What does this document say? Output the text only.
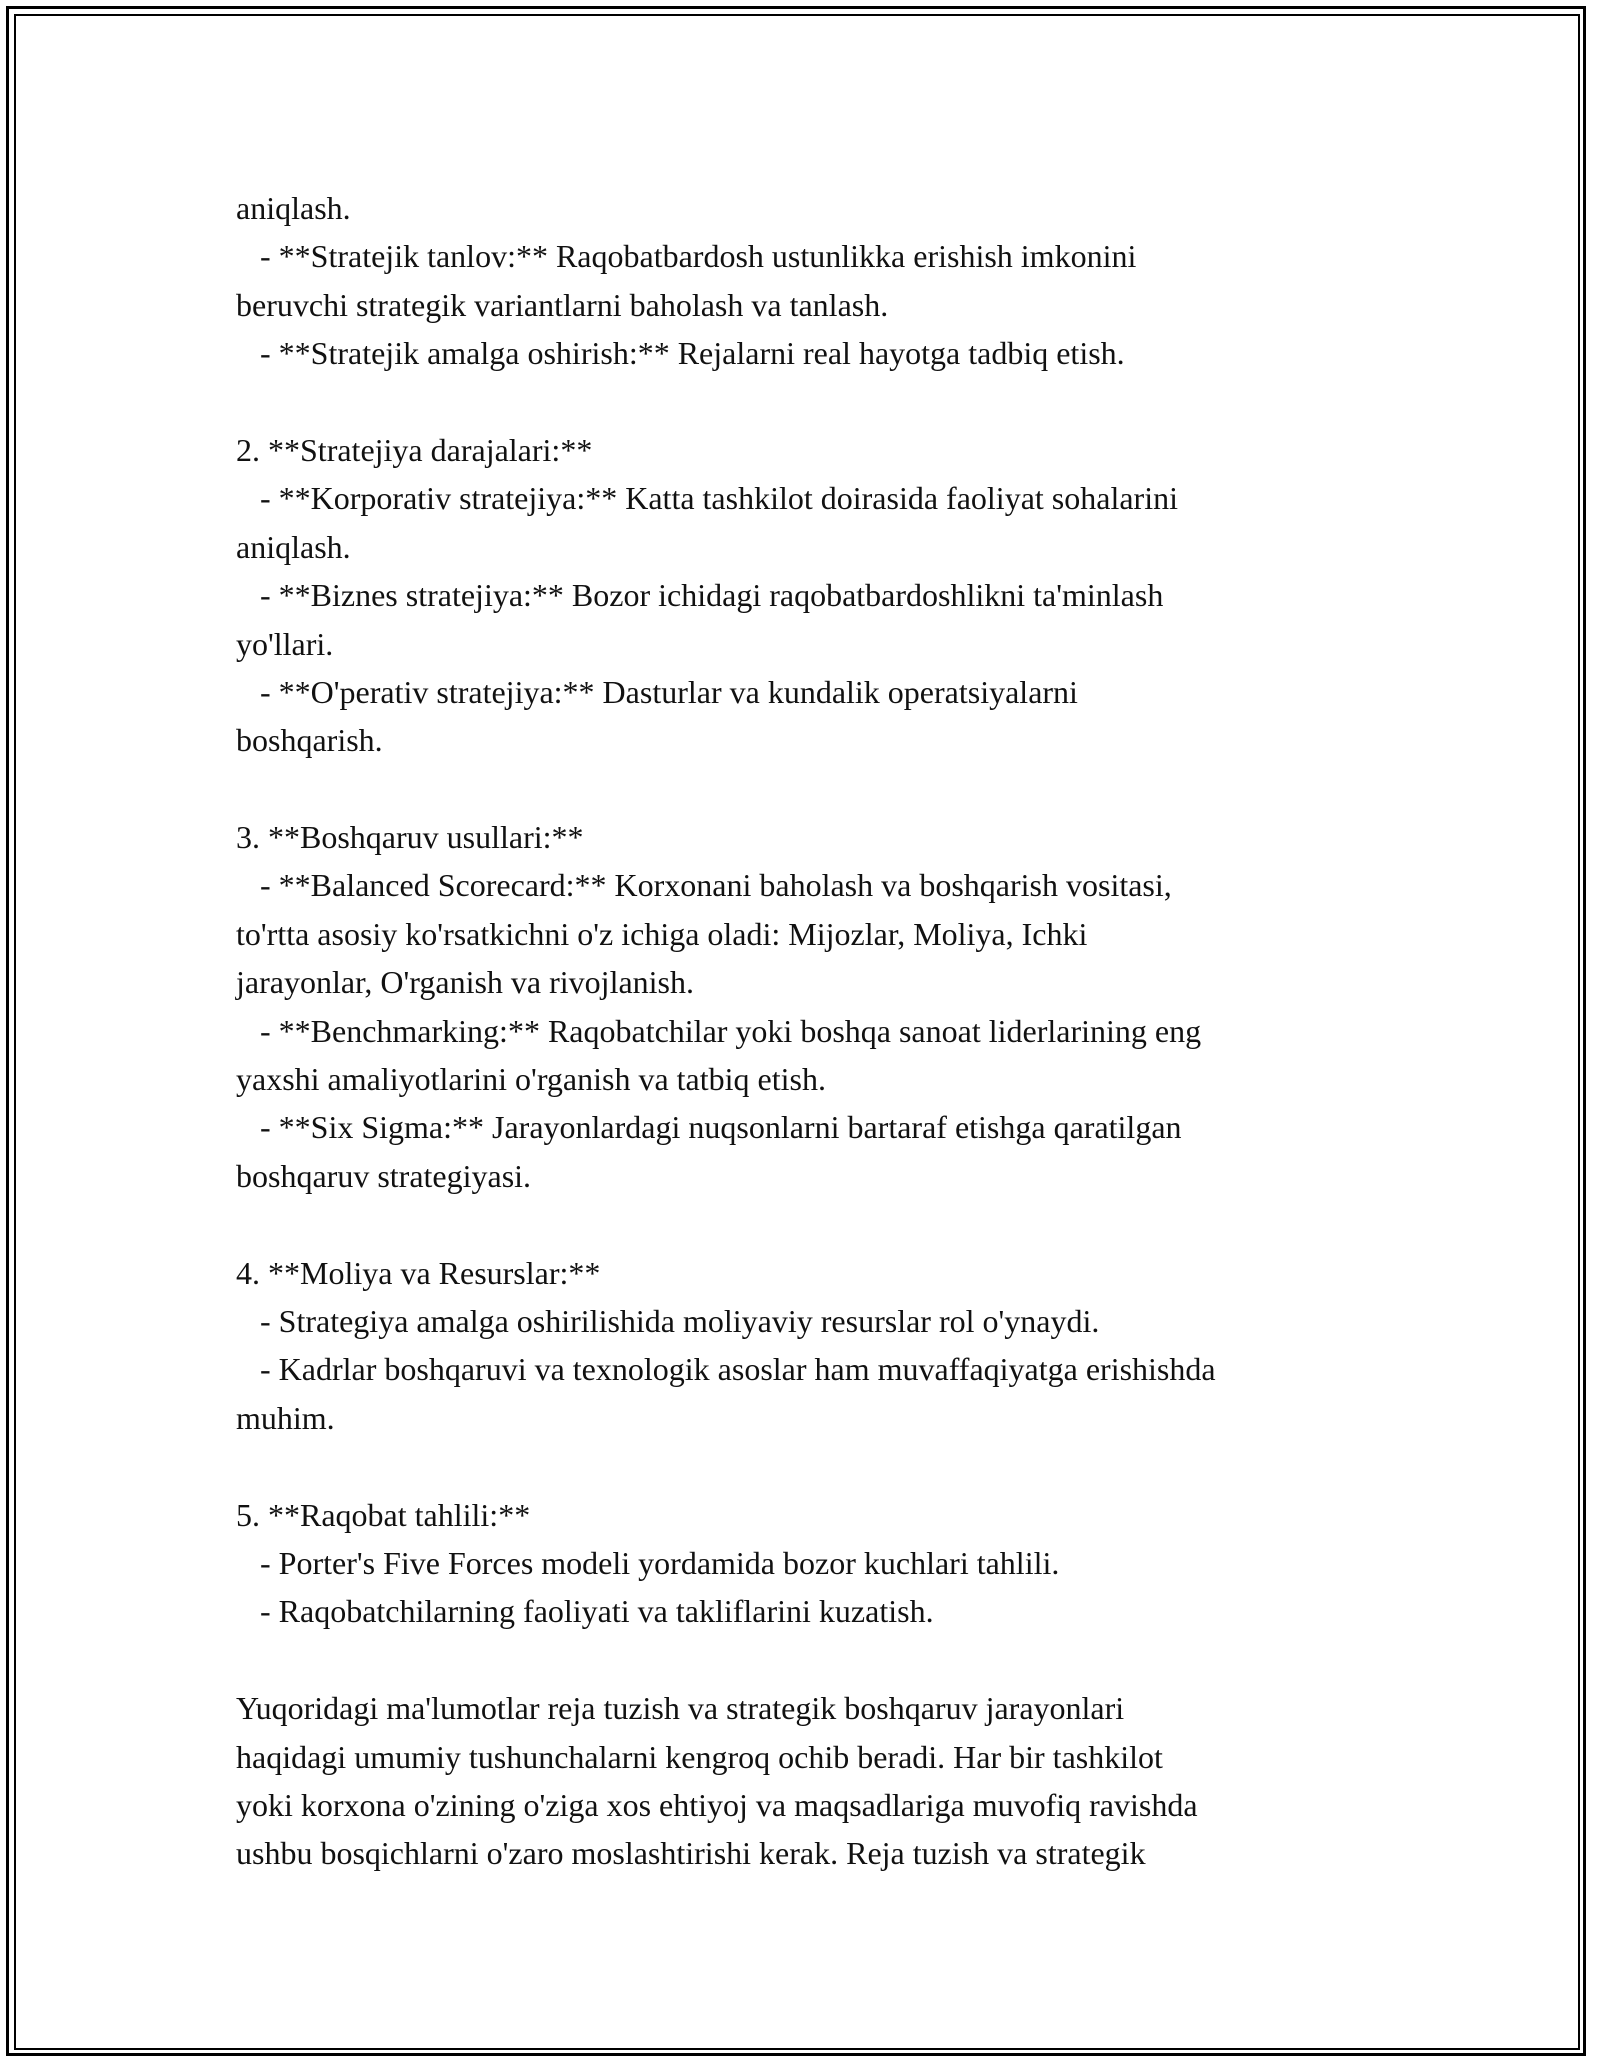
aniqlash.
- **Stratejik tanlov:** Raqobatbardosh ustunlikka erishish imkonini
beruvchi strategik variantlarni baholash va tanlash.
- **Stratejik amalga oshirish:** Rejalarni real hayotga tadbiq etish.
2. **Stratejiya darajalari:**
- **Korporativ stratejiya:** Katta tashkilot doirasida faoliyat sohalarini
aniqlash.
- **Biznes stratejiya:** Bozor ichidagi raqobatbardoshlikni ta'minlash
yo'llari.
- **O'perativ stratejiya:** Dasturlar va kundalik operatsiyalarni
boshqarish.
3. **Boshqaruv usullari:**
- **Balanced Scorecard:** Korxonani baholash va boshqarish vositasi,
to'rtta asosiy ko'rsatkichni o'z ichiga oladi: Mijozlar, Moliya, Ichki
jarayonlar, O'rganish va rivojlanish.
- **Benchmarking:** Raqobatchilar yoki boshqa sanoat liderlarining eng
yaxshi amaliyotlarini o'rganish va tatbiq etish.
- **Six Sigma:** Jarayonlardagi nuqsonlarni bartaraf etishga qaratilgan
boshqaruv strategiyasi.
4. **Moliya va Resurslar:**
- Strategiya amalga oshirilishida moliyaviy resurslar rol o'ynaydi.
- Kadrlar boshqaruvi va texnologik asoslar ham muvaffaqiyatga erishishda
muhim.
5. **Raqobat tahlili:**
- Porter's Five Forces modeli yordamida bozor kuchlari tahlili.
- Raqobatchilarning faoliyati va takliflarini kuzatish.
Yuqoridagi ma'lumotlar reja tuzish va strategik boshqaruv jarayonlari
haqidagi umumiy tushunchalarni kengroq ochib beradi. Har bir tashkilot
yoki korxona o'zining o'ziga xos ehtiyoj va maqsadlariga muvofiq ravishda
ushbu bosqichlarni o'zaro moslashtirishi kerak. Reja tuzish va strategik
